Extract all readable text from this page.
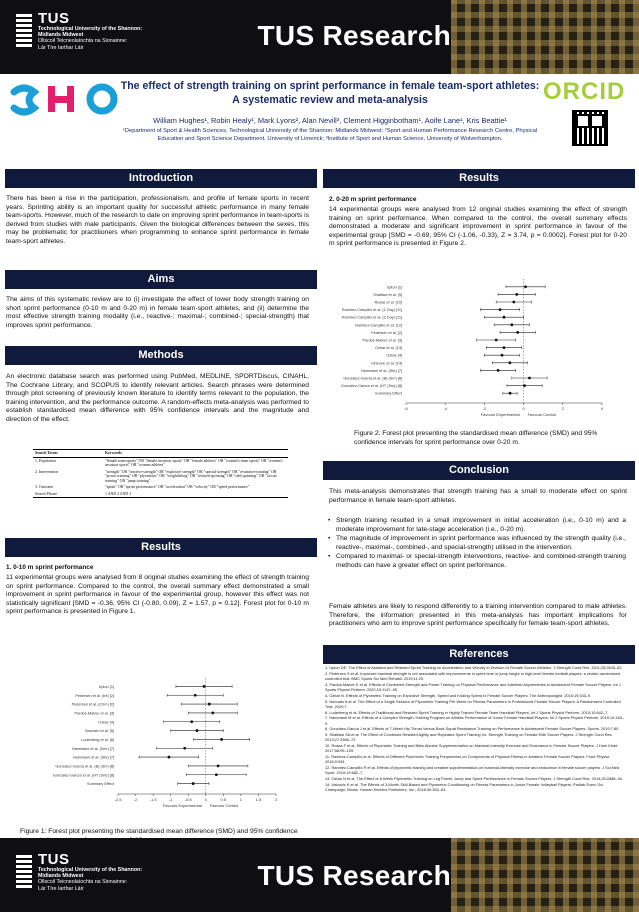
TUS
Technological University of the Shannon:
Midlands Midwest
Ollscoil Teicneolaíochta na Sionainne:
Lár Tíre Iarthar Láir	TUS Research
ORCID
The effect of strength training on sprint performance in female team-sport athletes: A systematic review and meta-analysis
William Hughes¹, Robin Healy¹, Mark Lyons², Alan Nevill³, Clement Higginbotham¹, Aoife Lane¹, Kris Beattie¹
¹Department of Sport & Health Sciences, Technological University of the Shannon: Midlands Midwest; ²Sport and Human Performance Research Centre, Physical Education and Sport Science Department, University of Limerick; ³Institute of Sport and Human Science, University of Wolverhampton.
Introduction
There has been a rise in the participation, professionalism, and profile of female sports in recent years. Sprinting ability is an important quality for successful athletic performance in many female team-sports. However, much of the research to date on improving sprint performance in team-sports is derived from studies with male participants. Given the biological differences between the sexes, this may be problematic for practitioners when programming to enhance sprint performance in female team-sport athletes.
Aims
The aims of this systematic review are to (i) investigate the effect of lower body strength training on short sprint performance (0-10 m and 0-20 m) in female team-sport athletes, and (ii) determine the most effective strength training modality (i.e., reactive-; maximal-; combined-; special-strength) that improves sprint performance.
Methods
An electronic database search was performed using PubMed, MEDLINE, SPORTDiscus, CINAHL, The Cochrane Library, and SCOPUS to identify relevant articles. Search phrases were determined through pilot screening of previously known literature to identify terms relevant to the population, the training intervention, and the performance outcome. A random-effects meta-analysis was performed to establish standardised mean difference with 95% confidence intervals and the magnitude and direction of the effect.
Search Terms	Keywords
1. Population	"female team sports" OR "female invasion sports" OR "female athletes" OR "women's team sports" OR "women's invasion sports" OR "women athletes"
2. Intervention	"strength" OR "reactive-strength" OR "explosive strength" OR "special strength" OR "resistance training" OR "power training" OR "plyometric" OR "weightlifting" OR "resisted sprinting" OR "sled sprinting" OR "circuit training" OR "jump training"
3. Outcome	"sprint" OR "sprint performance" OR "acceleration" OR "velocity" OR "speed performance"
Search Phrase	1 AND 2 AND 3
Results
1. 0-10 m sprint performance
11 experimental groups were analysed from 8 original studies examining the effect of strength training on sprint performance. Compared to the control, the overall summary effect demonstrated a small improvement in sprint performance in favour of the experimental group, however this effect was not statistically significant [SMD = -0.36, 95% CI (-0.80, 0.09), Z = 1.57, p = 0.12]. Forest plot for 0-10 m sprint performance is presented in Figure 1.
Upton [1]
Pedersen et al. (Int) [2]
Pedersen et al. (Chm) [2]
Pardos-Mainer et al. [3]
Ozbar [4]
Nonnato et al. [5]
Ludenberg et al. [6]
Hammami et al. (Sec) [7]
Hammami et al. (Ste) [7]
González-García et al. (B) (Sm) [8]
González-García et al. (HT (Sm)) [8]
Summary Effect
-2.5	-2	-1.5	-1	-0.5	0	0.5	1	1.5	2
Favours Experimental Favours Control
Figure 1: Forest plot presenting the standardised mean difference (SMD) and 95% confidence
Results
2. 0-20 m sprint performance
14 experimental groups were analysed from 12 original studies examining the effect of strength training on sprint performance. When compared to the control, the overall summary effects demonstrated a moderate and significant improvement in sprint performance in favour of the experimental group [SMD = -0.69, 95% CI (-1.06, -0.33), Z = 3.74, p = 0.0002]. Forest plot for 0-20 m sprint performance is presented in Figure 2.
Upton [1]
Shalfawi et al. [9]
Rosas et al. [10]
Ramirez-Campillo et al. (1 Day) [11]
Ramirez-Campillo et al. (2 Day) [11]
Ramirez-Campillo et al. [12]
Pedersen et al. [2]
Pardos-Mainer et al. [3]
Ozbar et al. [13]
Ozbar [4]
Idrizovic et al. [14]
Hammami et al. (Ste) [7]
González-García et al. (B) (Sm) [8]
González-García et al. (HT (Sm)) [8]
Summary Effect
-6	-4	-2	0	2	4
Favours Experimental Favours Control
Figure 2: Forest plot presenting the standardised mean difference (SMD) and 95% confidence intervals for sprint performance over 0-20 m.
Conclusion
This meta-analysis demonstrates that strength training has a small to moderate effect on sprint performance in female team-sport athletes.
• Strength training resulted in a small improvement in initial acceleration (i.e., 0-10 m) and a moderate improvement for late-stage acceleration (i.e., 0-20 m).
• The magnitude of improvement in sprint performance was influenced by the strength quality (i.e., reactive-, maximal-, combined-, and special-strength) utilised in the intervention.
• Compared to maximal- or special-strength interventions, reactive- and combined-strength training methods can have a greater effect on sprint performance.
Female athletes are likely to respond differently to a training intervention compared to male athletes. Therefore, the information presented in this meta-analysis has important implications for practitioners who aim to improve sprint performance specifically for female team-sport athletes.
References
1. Upton DE. The Effect of Assisted and Resisted Sprint Training on Acceleration and Velocity in Division IA Female Soccer Athletes. J Strength Cond Res. 2011;25:2645–52.
2. Pedersen S et al. Improved maximal strength is not associated with improvements in sprint time or jump height in high-level female football players: a cluster-randomized controlled trial. BMC Sports Sci Med Rehabil. 2019;11:20.
3. Pardos-Mainer E et al. Effects of Combined Strength and Power Training on Physical Performance and Interlimb Asymmetries in Adolescent Female Soccer Players. Int J Sports Physiol Perform. 2020;15:1147–55.
4. Ozbar N. Effects of Plyometric Training on Explosive Strength, Speed and Kicking Speed in Female Soccer Players. The Anthropologist. 2015;19:333–9.
5. Nonnato A et al. The Effect of a Single Session of Plyometric Training Per Week on Fitness Parameters in Professional Female Soccer Players: A Randomized Controlled Trial. 2020;7.
6. Ludenberg et al. Effects of Traditional and Resisted Sprint Training in Highly Trained Female Team Handball Players. Int J Sports Physiol Perform. 2015;10:642–7.
7. Hammami M et al. Effects of a Complex Strength-Training Program on Athletic Performance of Junior Female Handball Players. Int J Sports Physiol Perform. 2019;14:163–9.
8. González-García J et al. Effects of 7-Week Hip Thrust Versus Back Squat Resistance Training on Performance in Adolescent Female Soccer Players. Sports. 2019;7:80.
9. Shalfawi SA et al. The Effect of Combined Resisted Agility and Repeated Sprint Training Vs. Strength Training on Female Elite Soccer Players. J Strength Cond Res. 2013;27:2966–72.
10. Rosas F et al. Effects of Plyometric Training and Beta-Alanine Supplementation on Maximal-Intensity Exercise and Endurance in Female Soccer Players. J Hum Kinet. 2017;58:99–109.
11. Ramirez-Campillo et al. Effects of Different Plyometric Training Frequencies on Components of Physical Fitness in Amateur Female Soccer Players. Front Physiol. 2018;9:934.
12. Ramirez-Campillo R et al. Effects of plyometric training and creatine supplementation on maximal-intensity exercise and endurance in female soccer players. J Sci Med Sport. 2016;19:682–7.
13. Ozbar N et al. The Effect of 8-Week Plyometric Training on Leg Power, Jump and Sprint Performance in Female Soccer Players. J Strength Cond Res. 2014;28:2888–94.
14. Idrizovic K et al. The Effects of 3-Month Skill-Based and Plyometric Conditioning on Fitness Parameters in Junior Female Volleyball Players. Pediatr Exerc Sci. Champaign, Illinois: Human Kinetics Publishers, Inc.; 2018;30:353–63.
TUS
Technological University of the Shannon:
Midlands Midwest
Ollscoil Teicneolaíochta na Sionainne:
Lár Tíre Iarthar Láir	TUS Research
